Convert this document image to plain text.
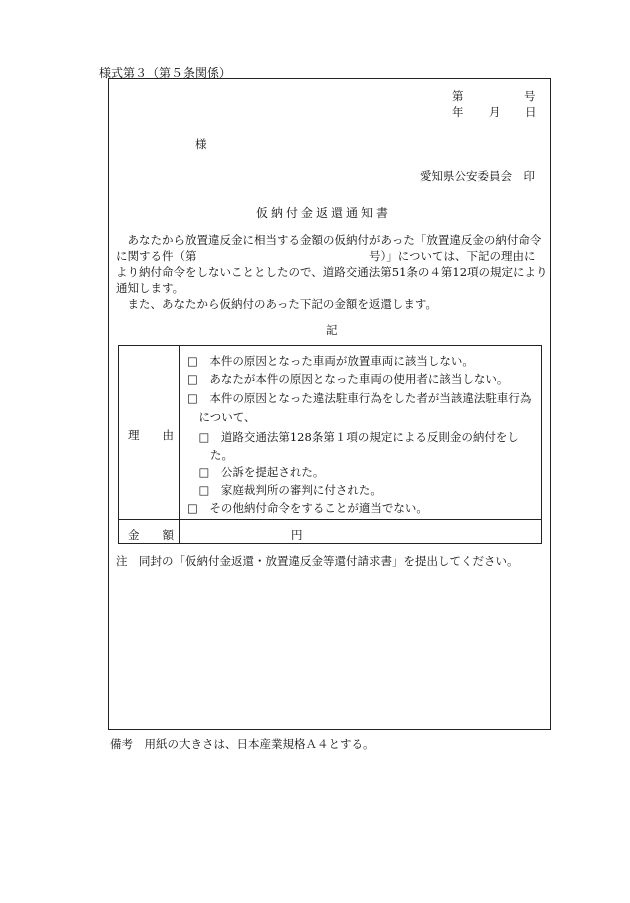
様式第３（第５条関係）
第	号
年 月 日
様
愛知県公安委員会　印
仮納付金返還通知書
　あなたから放置違反金に相当する金額の仮納付があった「放置違反金の納付命令
に関する件（第　　　　　　　　　　　　　　　号）」については、下記の理由に
より納付命令をしないこととしたので、道路交通法第51条の４第12項の規定により
通知します。
　また、あなたから仮納付のあった下記の金額を返還します。
記
理　　由
□　本件の原因となった車両が放置車両に該当しない。
□　あなたが本件の原因となった車両の使用者に該当しない。
□　本件の原因となった違法駐車行為をした者が当該違法駐車行為
　について、
　□　道路交通法第128条第１項の規定による反則金の納付をし
　　た。
　□　公訴を提起された。
　□　家庭裁判所の審判に付された。
□　その他納付命令をすることが適当でない。
金　　額	円
注　同封の「仮納付金返還・放置違反金等還付請求書」を提出してください。
備考　用紙の大きさは、日本産業規格Ａ４とする。
